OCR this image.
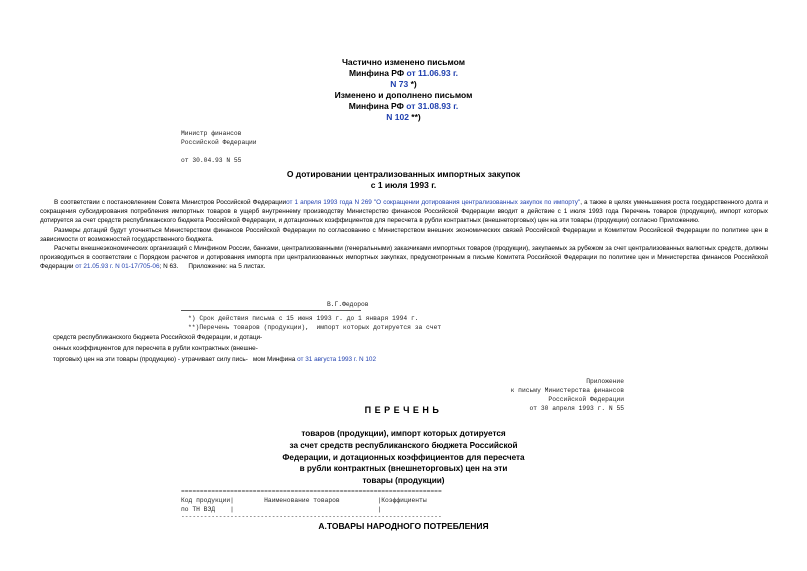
Частично изменено письмом
Минфина РФ от 11.06.93 г.
N 73 *)
Изменено и дополнено письмом
Минфина РФ от 31.08.93 г.
N 102 **)
Министр финансов
Российской Федерации
от 30.04.93 N 55
О дотировании централизованных импортных закупок
с 1 июля 1993 г.
В соответствии с постановлением Совета Министров Российской Федерацииот 1 апреля 1993 года N 269 "О сокращении дотирования централизованных закупок по импорту", а также в целях уменьшения роста государственного долга и сокращения субсидирования потребления импортных товаров в ущерб внутреннему производству Министерство финансов Российской Федерации вводит в действие с 1 июля 1993 года Перечень товаров (продукции), импорт которых дотируется за счет средств республиканского бюджета Российской Федерации, и дотационных коэффициентов для пересчета в рубли контрактных (внешнеторговых) цен на эти товары (продукции) согласно Приложению.
Размеры дотаций будут уточняться Министерством финансов Российской Федерации по согласованию с Министерством внешних экономических связей Российской Федерации и Комитетом Российской Федерации по политике цен в зависимости от возможностей государственного бюджета.
Расчеты внешнеэкономических организаций с Минфином России, банками, централизованными (генеральными) заказчиками импортных товаров (продукции), закупаемых за рубежом за счет централизованных валютных средств, должны производиться в соответствии с Порядком расчетов и дотирования импорта при централизованных импортных закупках, предусмотренным в письме Комитета Российской Федерации по политике цен и Министерства финансов Российской Федерации от 21.05.93 г. N 01-17/705-06; N 63. Приложение: на 5 листах.
В.Г.Федоров
*) Срок действия письма с 15 июня 1993 г. до 1 января 1994 г.
**)Перечень товаров (продукции),  импорт которых дотируется за счет
средств республиканского бюджета Российской Федерации, и дотаци-
онных коэффициентов для пересчета в рубли контрактных (внешне-
торговых) цен на эти товары (продукцию) - утрачивает силу пись- мом Минфина от 31 августа 1993 г. N 102
Приложение
к письму Министерства финансов
Российской Федерации
от 30 апреля 1993 г. N 55
ПЕРЕЧЕНЬ
товаров (продукции), импорт которых дотируется
за счет средств республиканского бюджета Российской
Федерации, и дотационных коэффициентов для пересчета
в рубли контрактных (внешнеторговых) цен на эти
товары (продукции)
=====================================================================
Код продукции|        Наименование товаров          |Коэффициенты
по ТН ВЭД    |                                      |
---------------------------------------------------------------------
А.ТОВАРЫ НАРОДНОГО ПОТРЕБЛЕНИЯ
